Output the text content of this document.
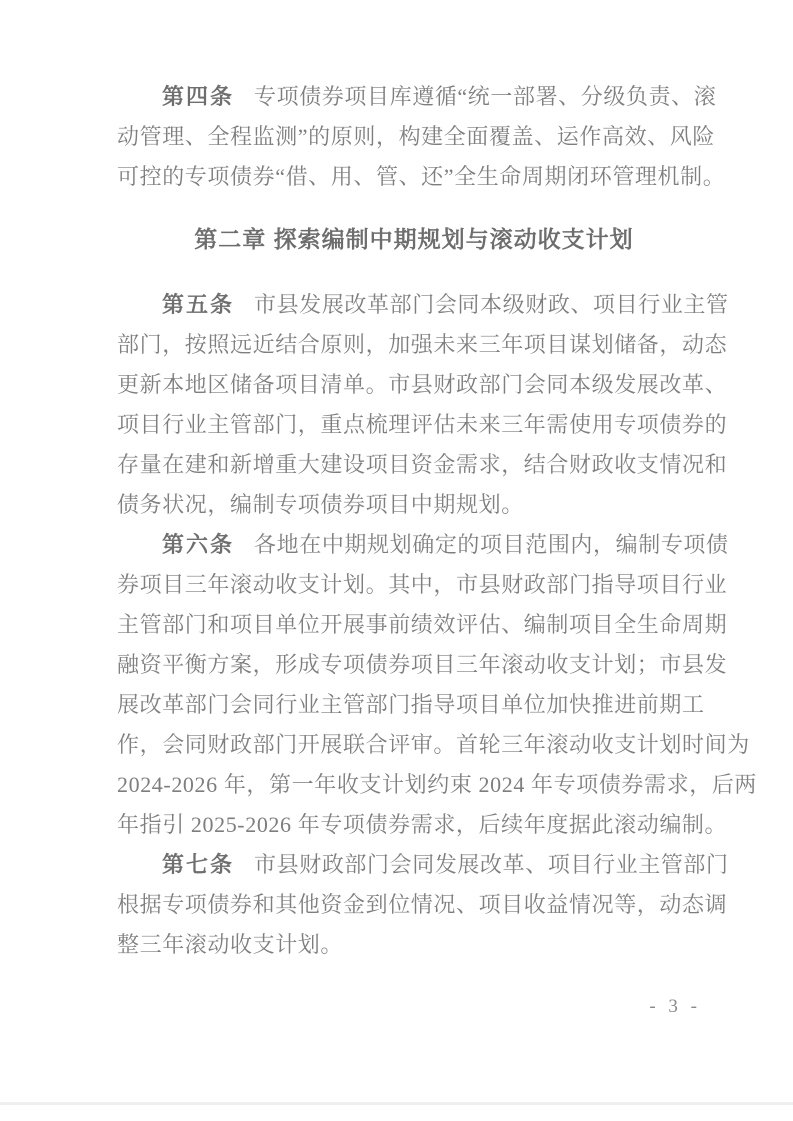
第四条 专项债券项目库遵循“统一部署、分级负责、滚
动管理、全程监测”的原则，构建全面覆盖、运作高效、风险
可控的专项债券“借、用、管、还”全生命周期闭环管理机制。
第二章 探索编制中期规划与滚动收支计划
第五条 市县发展改革部门会同本级财政、项目行业主管
部门，按照远近结合原则，加强未来三年项目谋划储备，动态
更新本地区储备项目清单。市县财政部门会同本级发展改革、
项目行业主管部门，重点梳理评估未来三年需使用专项债券的
存量在建和新增重大建设项目资金需求，结合财政收支情况和
债务状况，编制专项债券项目中期规划。
第六条 各地在中期规划确定的项目范围内，编制专项债
券项目三年滚动收支计划。其中，市县财政部门指导项目行业
主管部门和项目单位开展事前绩效评估、编制项目全生命周期
融资平衡方案，形成专项债券项目三年滚动收支计划；市县发
展改革部门会同行业主管部门指导项目单位加快推进前期工
作，会同财政部门开展联合评审。首轮三年滚动收支计划时间为
2024-2026 年，第一年收支计划约束 2024 年专项债券需求，后两
年指引 2025-2026 年专项债券需求，后续年度据此滚动编制。
第七条 市县财政部门会同发展改革、项目行业主管部门
根据专项债券和其他资金到位情况、项目收益情况等，动态调
整三年滚动收支计划。
- 3 -
